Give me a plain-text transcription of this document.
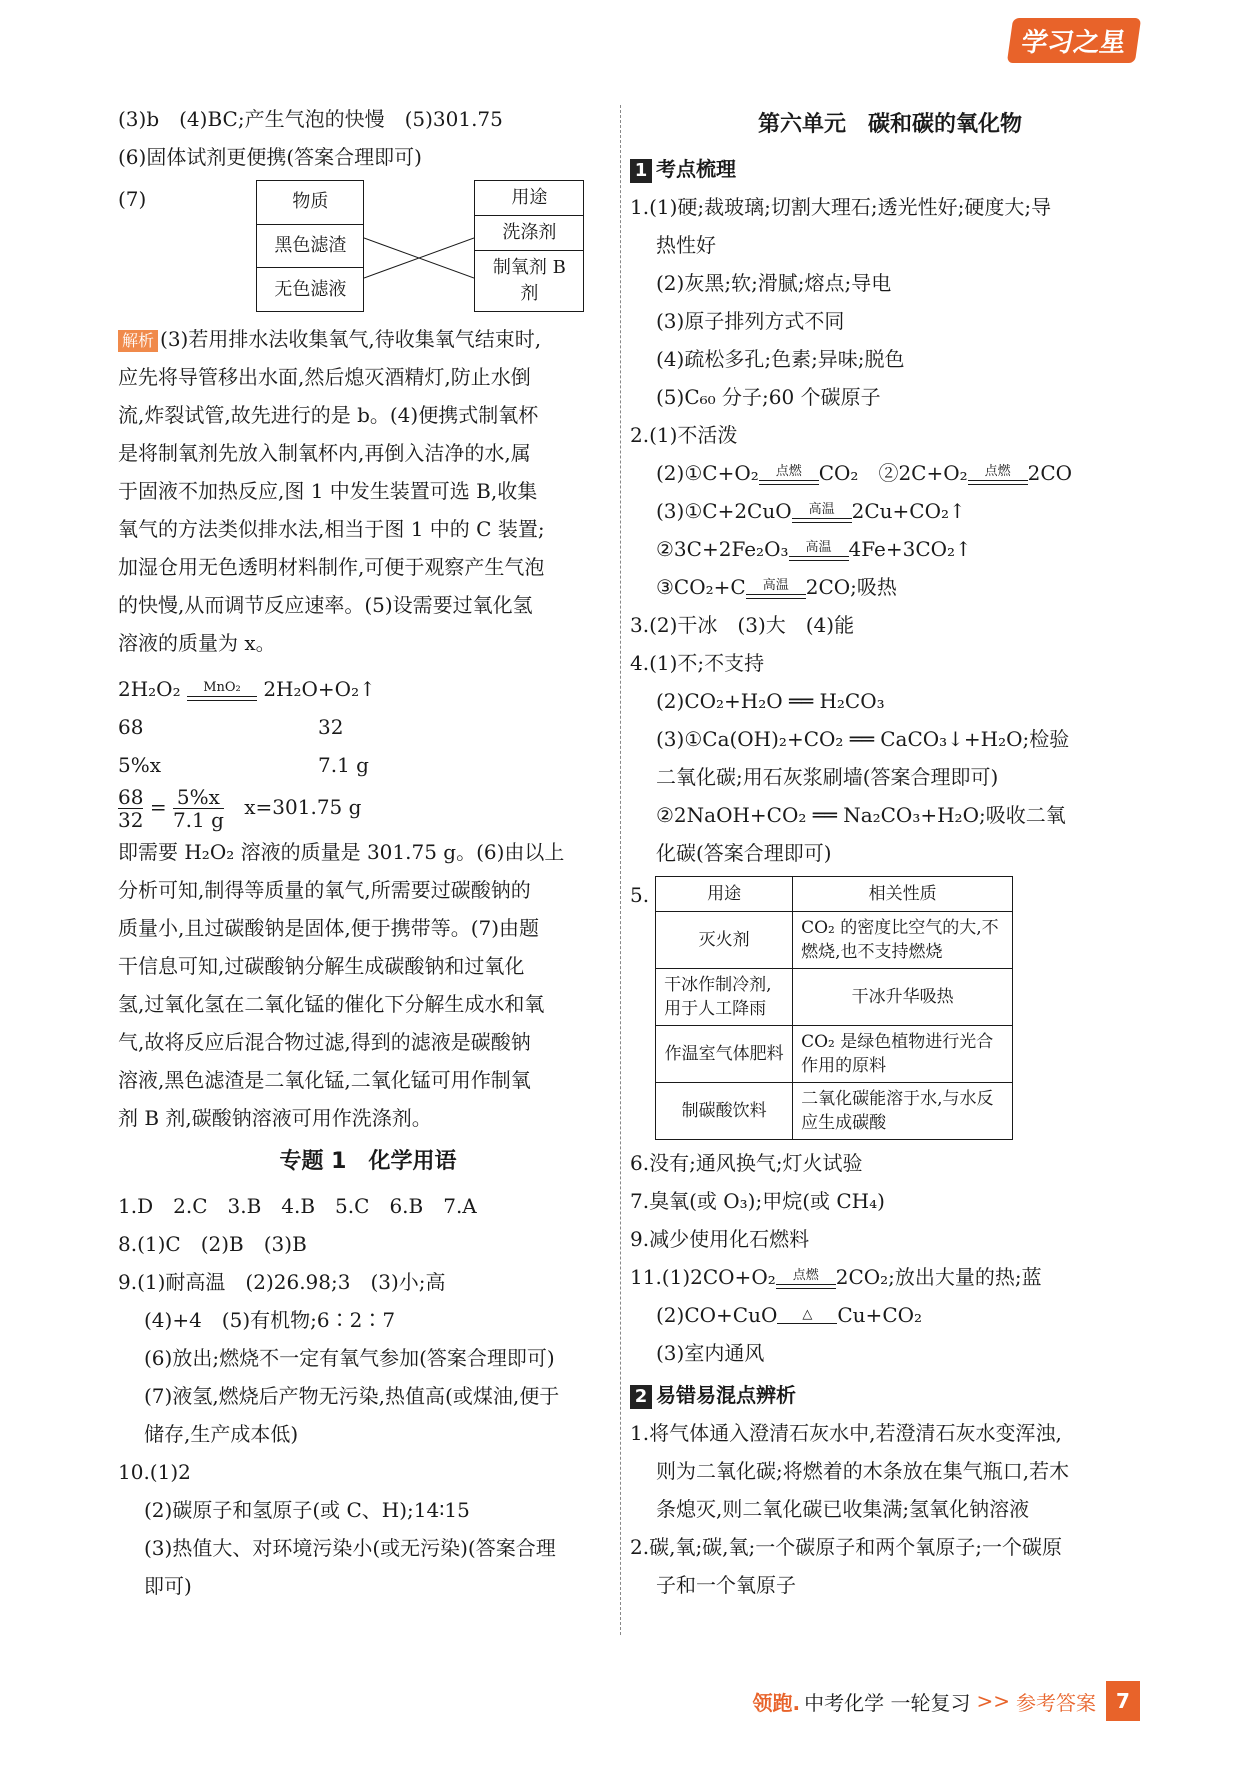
学习之星
(3)b　(4)BC;产生气泡的快慢　(5)301.75
(6)固体试剂更便携(答案合理即可)
(7)	物质
黑色滤渣
无色滤液
用途
洗涤剂
制氧剂 B 剂
解析 (3)若用排水法收集氧气,待收集氧气结束时,
应先将导管移出水面,然后熄灭酒精灯,防止水倒
流,炸裂试管,故先进行的是 b。(4)便携式制氧杯
是将制氧剂先放入制氧杯内,再倒入洁净的水,属
于固液不加热反应,图 1 中发生装置可选 B,收集
氧气的方法类似排水法,相当于图 1 中的 C 装置;
加湿仓用无色透明材料制作,可便于观察产生气泡
的快慢,从而调节反应速率。(5)设需要过氧化氢
溶液的质量为 x。
2H₂O₂	MnO₂	2H₂O+O₂↑
68	32
5%x	7.1 g
$\frac{68}{32} = \frac{5\%x}{7.1 g} x=301.75$ g
即需要 H₂O₂ 溶液的质量是 301.75 g。(6)由以上
分析可知,制得等质量的氧气,所需要过碳酸钠的
质量小,且过碳酸钠是固体,便于携带等。(7)由题
干信息可知,过碳酸钠分解生成碳酸钠和过氧化
氢,过氧化氢在二氧化锰的催化下分解生成水和氧
气,故将反应后混合物过滤,得到的滤液是碳酸钠
溶液,黑色滤渣是二氧化锰,二氧化锰可用作制氧
剂 B 剂,碳酸钠溶液可用作洗涤剂。
专题 1　化学用语
1.D　2.C　3.B　4.B　5.C　6.B　7.A
8.(1)C　(2)B　(3)B
9.(1)耐高温　(2)26.98;3　(3)小;高
(4)+4　(5)有机物;6∶2∶7
(6)放出;燃烧不一定有氧气参加(答案合理即可)
(7)液氢,燃烧后产物无污染,热值高(或煤油,便于
储存,生产成本低)
10.(1)2
(2)碳原子和氢原子(或 C、H);14∶15
(3)热值大、对环境污染小(或无污染)(答案合理
即可)
第六单元　碳和碳的氧化物
1 考点梳理
1.(1)硬;裁玻璃;切割大理石;透光性好;硬度大;导
热性好
(2)灰黑;软;滑腻;熔点;导电
(3)原子排列方式不同
(4)疏松多孔;色素;异味;脱色
(5)C₆₀ 分子;60 个碳原子
2.(1)不活泼
(2)①C+O₂	点燃 CO₂　②2C+O₂	点燃 2CO
(3)①C+2CuO	高温 2Cu+CO₂↑
②3C+2Fe₂O₃	高温 4Fe+3CO₂↑
③CO₂+C	高温 2CO;吸热
3.(2)干冰　(3)大　(4)能
4.(1)不;不支持
(2)CO₂+H₂O ══ H₂CO₃
(3)①Ca(OH)₂+CO₂ ══ CaCO₃↓+H₂O;检验
二氧化碳;用石灰浆刷墙(答案合理即可)
②2NaOH+CO₂ ══ Na₂CO₃+H₂O;吸收二氧
化碳(答案合理即可)
5.	用途	相关性质
灭火剂	CO₂ 的密度比空气的大,不燃烧,也不支持燃烧
干冰作制冷剂,用于人工降雨	干冰升华吸热
作温室气体肥料	CO₂ 是绿色植物进行光合作用的原料
制碳酸饮料	二氧化碳能溶于水,与水反应生成碳酸
6.没有;通风换气;灯火试验
7.臭氧(或 O₃);甲烷(或 CH₄)
9.减少使用化石燃料
11.(1)2CO+O₂	点燃 2CO₂;放出大量的热;蓝
(2)CO+CuO	△	Cu+CO₂
(3)室内通风
2 易错易混点辨析
1.将气体通入澄清石灰水中,若澄清石灰水变浑浊,
则为二氧化碳;将燃着的木条放在集气瓶口,若木
条熄灭,则二氧化碳已收集满;氢氧化钠溶液
2.碳,氧;碳,氧;一个碳原子和两个氧原子;一个碳原
子和一个氧原子
领跑. 中考化学 一轮复习 >> 参考答案	7
